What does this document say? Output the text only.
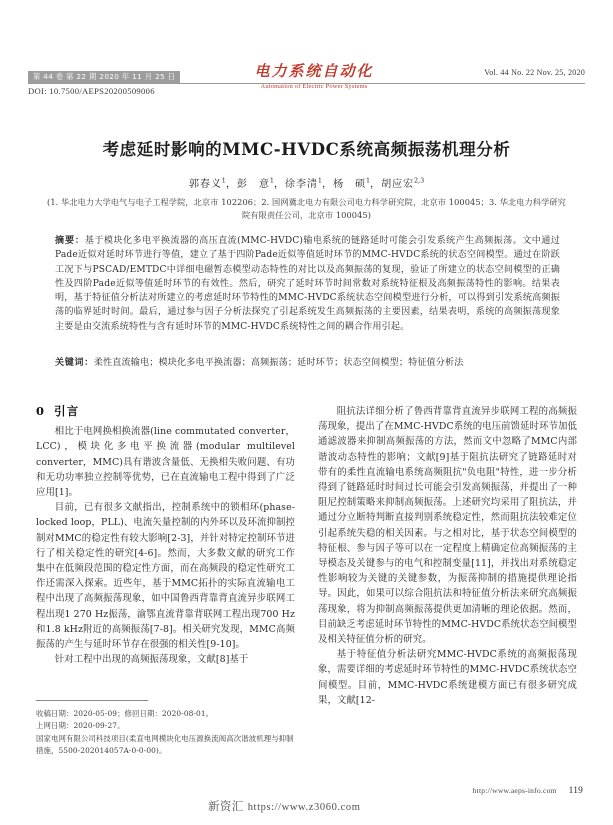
第 44 卷 第 22 期 2020 年 11 月 25 日	电力系统自动化
Automation of Electric Power Systems
Vol. 44 No. 22 Nov. 25, 2020
DOI: 10.7500/AEPS20200509006
考虑延时影响的MMC-HVDC系统高频振荡机理分析
郭春义$^1$，彭　意$^1$，徐李清$^1$，杨　硕$^1$，胡应宏$^{2,3}$
(1. 华北电力大学电气与电子工程学院，北京市 102206；2. 国网冀北电力有限公司电力科学研究院，北京市 100045；3. 华北电力科学研究院有限责任公司，北京市 100045)
摘要：基于模块化多电平换流器的高压直流(MMC-HVDC)输电系统的链路延时可能会引发系统产生高频振荡。文中通过Pade近似对延时环节进行等值，建立了基于四阶Pade近似等值延时环节的MMC-HVDC系统的状态空间模型。通过在阶跃工况下与PSCAD/EMTDC中详细电磁暂态模型动态特性的对比以及高频振荡的复现，验证了所建立的状态空间模型的正确性及四阶Pade近似等值延时环节的有效性。然后，研究了延时环节时间常数对系统特征根及高频振荡特性的影响。结果表明，基于特征值分析法对所建立的考虑延时环节特性的MMC-HVDC系统状态空间模型进行分析，可以得到引发系统高频振荡的临界延时时间。最后，通过参与因子分析法探究了引起系统发生高频振荡的主要因素，结果表明，系统的高频振荡现象主要是由交流系统特性与含有延时环节的MMC-HVDC系统特性之间的耦合作用引起。
关键词：柔性直流输电；模块化多电平换流器；高频振荡；延时环节；状态空间模型；特征值分析法
0 引言

相比于电网换相换流器(line commutated converter，LCC)，模块化多电平换流器(modular multilevel converter，MMC)具有谐波含量低、无换相失败问题、有功和无功功率独立控制等优势，已在直流输电工程中得到了广泛应用[1]。

目前，已有很多文献指出，控制系统中的锁相环(phase-locked loop，PLL)、电流矢量控制的内外环以及环流抑制控制对MMC的稳定性有较大影响[2-3]，并针对特定控制环节进行了相关稳定性的研究[4-6]。然而，大多数文献的研究工作集中在低频段范围的稳定性方面，而在高频段的稳定性研究工作还需深入探索。近些年，基于MMC拓扑的实际直流输电工程中出现了高频振荡现象，如中国鲁西背靠背直流异步联网工程出现1 270 Hz振荡，渝鄂直流背靠背联网工程出现700 Hz和1.8 kHz附近的高频振荡[7-8]。相关研究发现，MMC高频振荡的产生与延时环节存在很强的相关性[9-10]。

针对工程中出现的高频振荡现象，文献[8]基于

阻抗法详细分析了鲁西背靠背直流异步联网工程的高频振荡现象，提出了在MMC-HVDC系统的电压前馈延时环节加低通滤波器来抑制高频振荡的方法，然而文中忽略了MMC内部谐波动态特性的影响；文献[9]基于阻抗法研究了链路延时对带有的柔性直流输电系统高频阻抗"负电阻"特性，进一步分析得到了链路延时时间过长可能会引发高频振荡，并提出了一种阻尼控制策略来抑制高频振荡。上述研究均采用了阻抗法，并通过分立断特判断直接判别系统稳定性，然而阻抗法较难定位引起系统失稳的相关因素。与之相对比，基于状态空间模型的特征根、参与因子等可以在一定程度上精确定位高频振荡的主导模态及关键参与的电气和控制变量[11]，并找出对系统稳定性影响较为关键的关键参数，为振荡抑制的措施提供理论指导。因此，如果可以综合阻抗法和特征值分析法来研究高频振荡现象，将为抑制高频振荡提供更加清晰的理论依据。然而，目前缺乏考虑延时环节特性的MMC-HVDC系统状态空间模型及相关特征值分析的研究。

基于特征值分析法研究MMC-HVDC系统的高频振荡现象，需要详细的考虑延时环节特性的MMC-HVDC系统状态空间模型。目前，MMC-HVDC系统建模方面已有很多研究成果，文献[12-

收稿日期：2020-05-09；修回日期：2020-08-01。
上网日期：2020-09-27。
国家电网有限公司科技项目(柔直电网模块化电压源换流阀高次谐波机理与抑制措施，5500-202014057A-0-0-00)。
http://www.aeps-info.com 119
新资汇 https://www.z3060.com
